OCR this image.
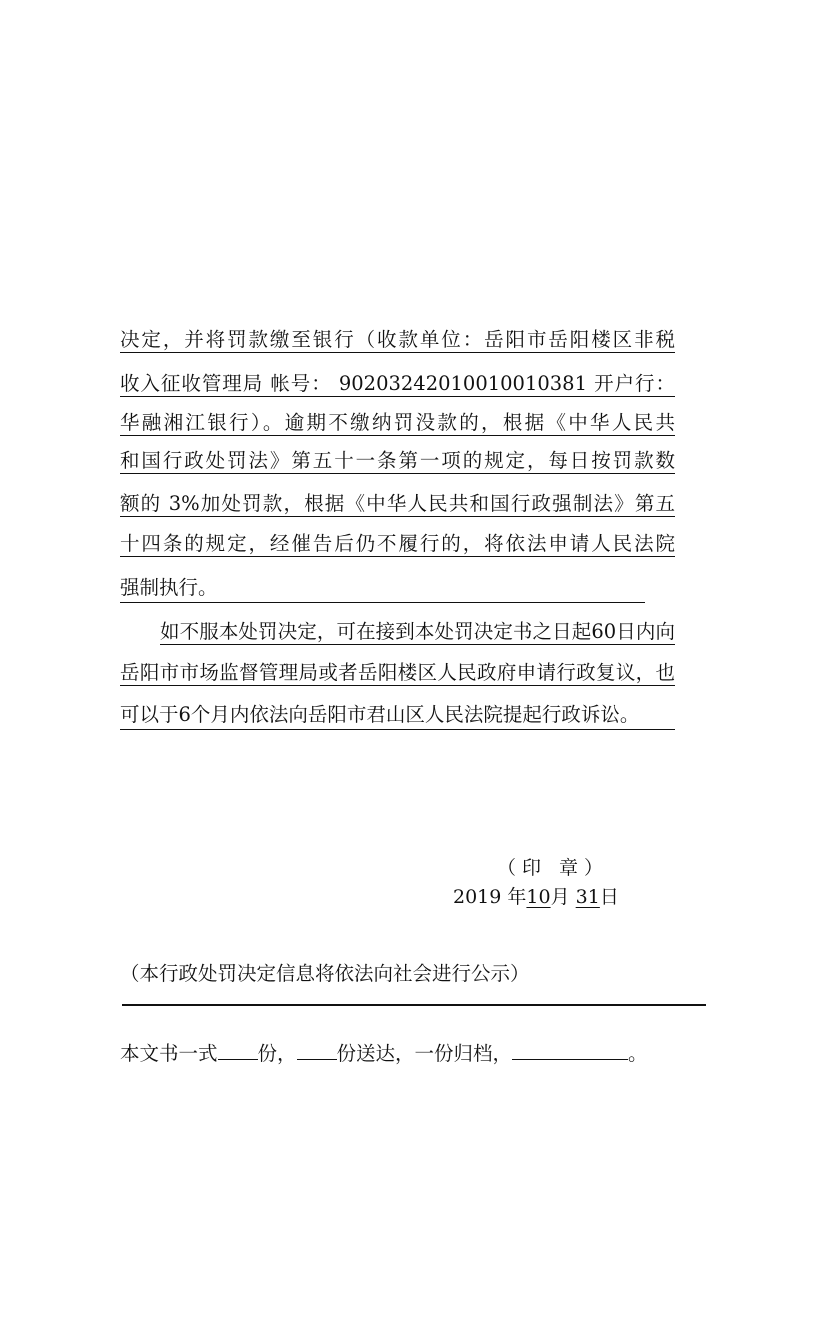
决定，并将罚款缴至银行（收款单位：岳阳市岳阳楼区非税
收入征收管理局 帐号： 90203242010010010381 开户行：
华融湘江银行）。逾期不缴纳罚没款的，根据《中华人民共
和国行政处罚法》第五十一条第一项的规定，每日按罚款数
额的 3%加处罚款，根据《中华人民共和国行政强制法》第五
十四条的规定，经催告后仍不履行的，将依法申请人民法院
强制执行。
如不服本处罚决定，可在接到本处罚决定书之日起60日内向
岳阳市市场监督管理局或者岳阳楼区人民政府申请行政复议，也
可以于6个月内依法向岳阳市君山区人民法院提起行政诉讼。
（印 章）
2019 年10月 31日
（本行政处罚决定信息将依法向社会进行公示）
本文书一式 份， 份送达，一份归档，	。
